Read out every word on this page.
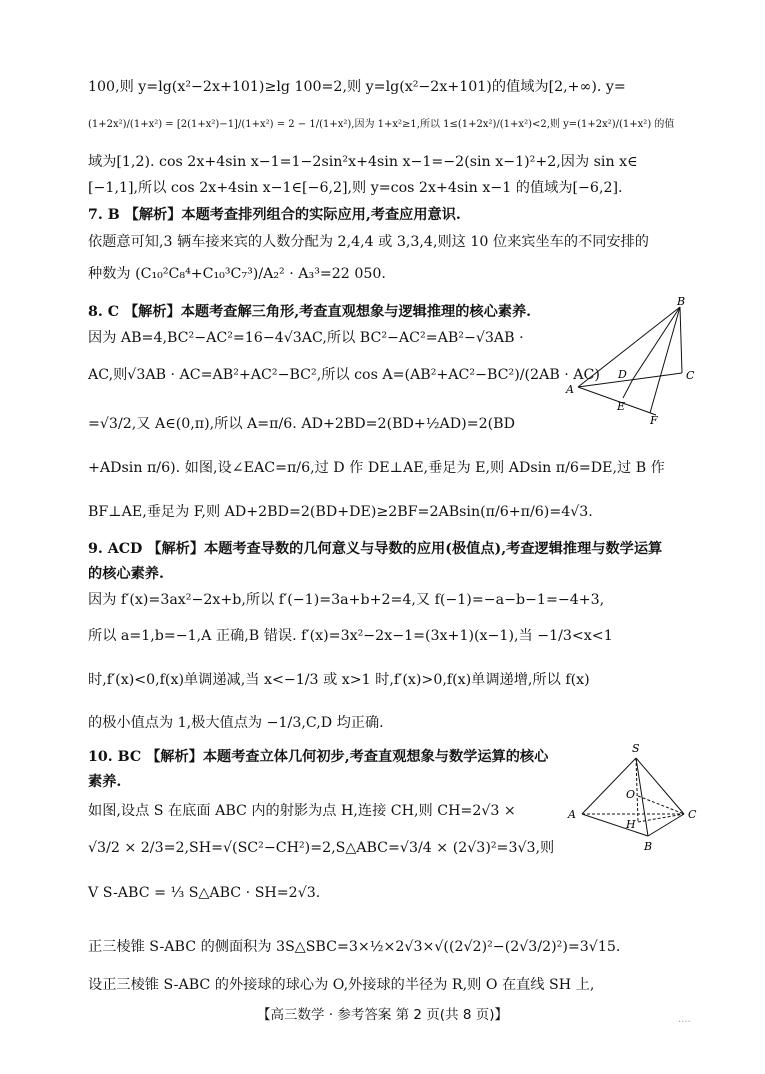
100,则 y=lg(x²−2x+101)≥lg 100=2,则 y=lg(x²−2x+101)的值域为[2,+∞). y=
(1+2x²)/(1+x²) = [2(1+x²)−1]/(1+x²) = 2 − 1/(1+x²),因为 1+x²≥1,所以 1≤(1+2x²)/(1+x²)<2,则 y=(1+2x²)/(1+x²) 的值
域为[1,2). cos 2x+4sin x−1=1−2sin²x+4sin x−1=−2(sin x−1)²+2,因为 sin x∈
[−1,1],所以 cos 2x+4sin x−1∈[−6,2],则 y=cos 2x+4sin x−1 的值域为[−6,2].
7. B 【解析】本题考查排列组合的实际应用,考查应用意识.
依题意可知,3 辆车接来宾的人数分配为 2,4,4 或 3,3,4,则这 10 位来宾坐车的不同安排的
种数为 (C₁₀²C₈⁴+C₁₀³C₇³)/A₂² · A₃³=22 050.
8. C 【解析】本题考查解三角形,考查直观想象与逻辑推理的核心素养.
因为 AB=4,BC²−AC²=16−4√3AC,所以 BC²−AC²=AB²−√3AB ·
AC,则√3AB · AC=AB²+AC²−BC²,所以 cos A=(AB²+AC²−BC²)/(2AB · AC)
=√3/2,又 A∈(0,π),所以 A=π/6. AD+2BD=2(BD+½AD)=2(BD
+ADsin π/6). 如图,设∠EAC=π/6,过 D 作 DE⊥AE,垂足为 E,则 ADsin π/6=DE,过 B 作
BF⊥AE,垂足为 F,则 AD+2BD=2(BD+DE)≥2BF=2ABsin(π/6+π/6)=4√3.
9. ACD 【解析】本题考查导数的几何意义与导数的应用(极值点),考查逻辑推理与数学运算
的核心素养.
因为 f′(x)=3ax²−2x+b,所以 f′(−1)=3a+b+2=4,又 f(−1)=−a−b−1=−4+3,
所以 a=1,b=−1,A 正确,B 错误. f′(x)=3x²−2x−1=(3x+1)(x−1),当 −1/3<x<1
时,f′(x)<0,f(x)单调递减,当 x<−1/3 或 x>1 时,f′(x)>0,f(x)单调递增,所以 f(x)
的极小值点为 1,极大值点为 −1/3,C,D 均正确.
10. BC 【解析】本题考查立体几何初步,考查直观想象与数学运算的核心
素养.
如图,设点 S 在底面 ABC 内的射影为点 H,连接 CH,则 CH=2√3 ×
√3/2 × 2/3=2,SH=√(SC²−CH²)=2,S△ABC=√3/4 × (2√3)²=3√3,则
V S-ABC = ⅓ S△ABC · SH=2√3.
正三棱锥 S-ABC 的侧面积为 3S△SBC=3×½×2√3×√((2√2)²−(2√3/2)²)=3√15.
设正三棱锥 S-ABC 的外接球的球心为 O,外接球的半径为 R,则 O 在直线 SH 上,
B
A
C
D
E
F
S
O
A	C
H
B
【高三数学 · 参考答案 第 2 页(共 8 页)】	....
